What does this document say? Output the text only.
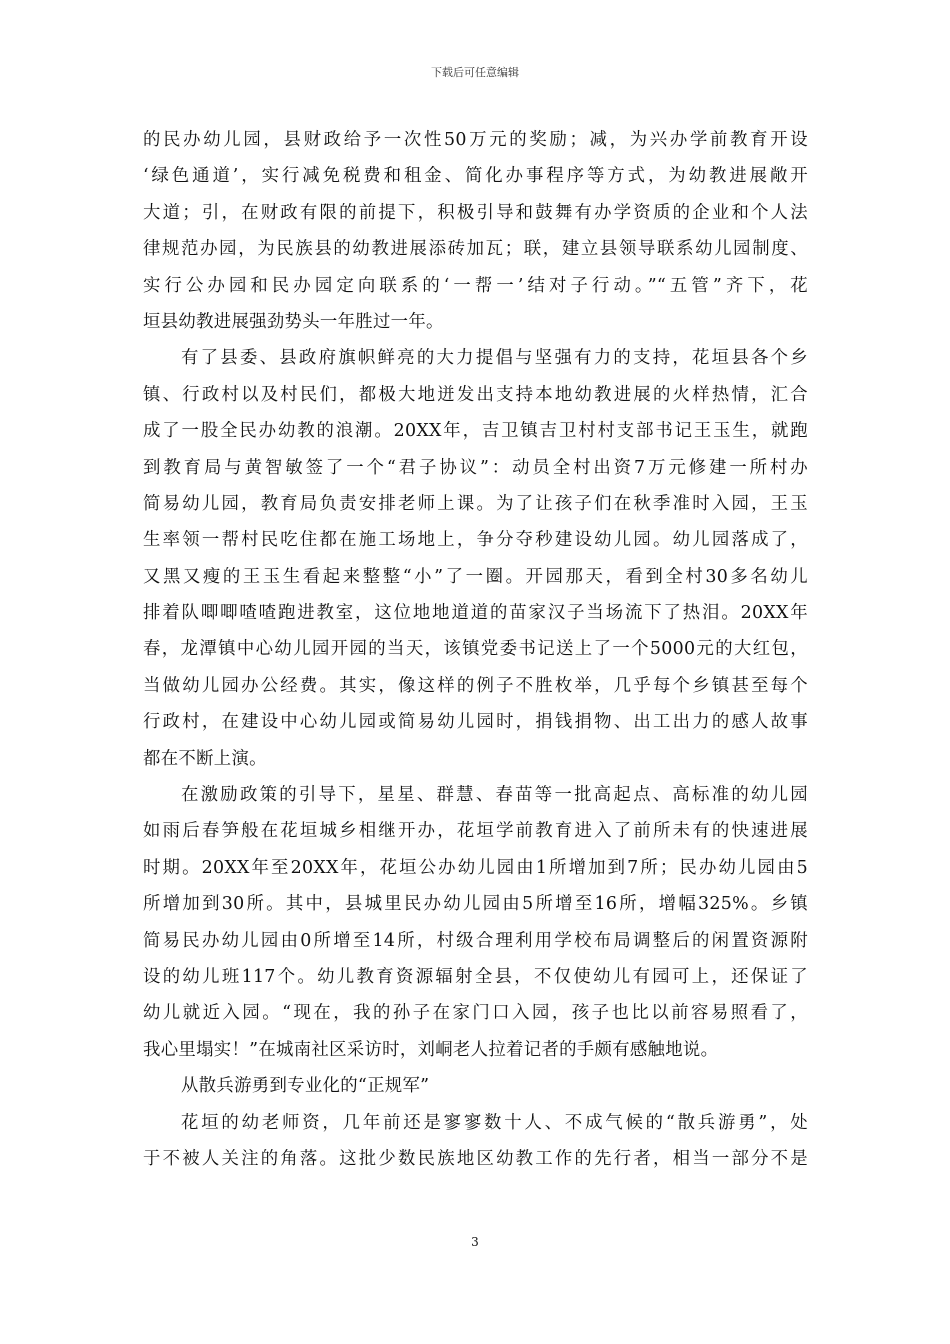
下载后可任意编辑
的民办幼儿园，县财政给予一次性50万元的奖励；减，为兴办学前教育开设
‘绿色通道’，实行减免税费和租金、简化办事程序等方式，为幼教进展敞开
大道；引，在财政有限的前提下，积极引导和鼓舞有办学资质的企业和个人法
律规范办园，为民族县的幼教进展添砖加瓦；联，建立县领导联系幼儿园制度、
实行公办园和民办园定向联系的‘一帮一’结对子行动。”“五管”齐下，花
垣县幼教进展强劲势头一年胜过一年。
有了县委、县政府旗帜鲜亮的大力提倡与坚强有力的支持，花垣县各个乡
镇、行政村以及村民们，都极大地迸发出支持本地幼教进展的火样热情，汇合
成了一股全民办幼教的浪潮。20XX年，吉卫镇吉卫村村支部书记王玉生，就跑
到教育局与黄智敏签了一个“君子协议”：动员全村出资7万元修建一所村办
简易幼儿园，教育局负责安排老师上课。为了让孩子们在秋季准时入园，王玉
生率领一帮村民吃住都在施工场地上，争分夺秒建设幼儿园。幼儿园落成了，
又黑又瘦的王玉生看起来整整“小”了一圈。开园那天，看到全村30多名幼儿
排着队唧唧喳喳跑进教室，这位地地道道的苗家汉子当场流下了热泪。20XX年
春，龙潭镇中心幼儿园开园的当天，该镇党委书记送上了一个5000元的大红包，
当做幼儿园办公经费。其实，像这样的例子不胜枚举，几乎每个乡镇甚至每个
行政村，在建设中心幼儿园或简易幼儿园时，捐钱捐物、出工出力的感人故事
都在不断上演。
在激励政策的引导下，星星、群慧、春苗等一批高起点、高标准的幼儿园
如雨后春笋般在花垣城乡相继开办，花垣学前教育进入了前所未有的快速进展
时期。20XX年至20XX年，花垣公办幼儿园由1所增加到7所；民办幼儿园由5
所增加到30所。其中，县城里民办幼儿园由5所增至16所，增幅325%。乡镇
简易民办幼儿园由0所增至14所，村级合理利用学校布局调整后的闲置资源附
设的幼儿班117个。幼儿教育资源辐射全县，不仅使幼儿有园可上，还保证了
幼儿就近入园。“现在，我的孙子在家门口入园，孩子也比以前容易照看了，
我心里塌实！”在城南社区采访时，刘峒老人拉着记者的手颇有感触地说。
从散兵游勇到专业化的“正规军”
花垣的幼老师资，几年前还是寥寥数十人、不成气候的“散兵游勇”，处
于不被人关注的角落。这批少数民族地区幼教工作的先行者，相当一部分不是
3
